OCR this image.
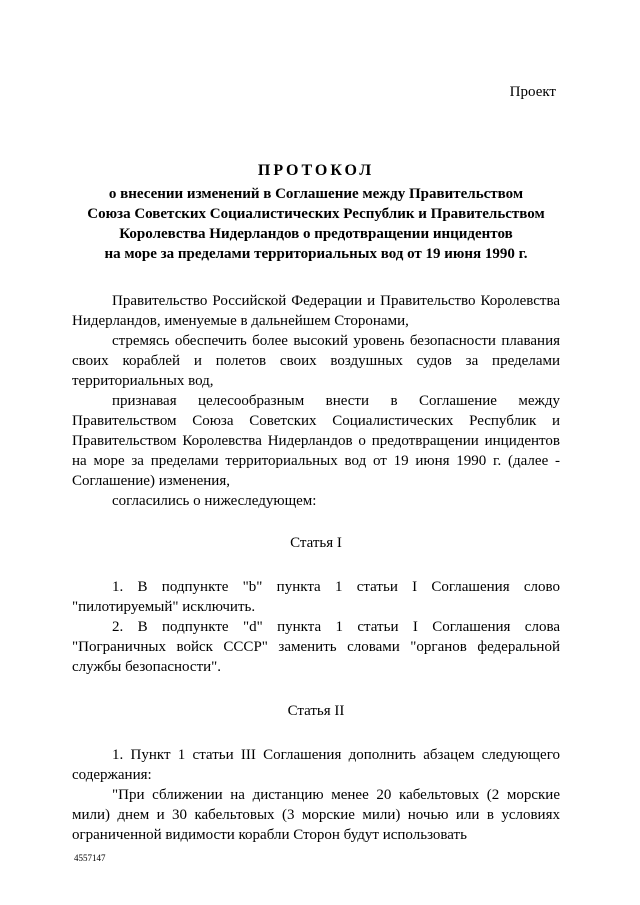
Проект
ПРОТОКОЛ
о внесении изменений в Соглашение между Правительством
Союза Советских Социалистических Республик и Правительством
Королевства Нидерландов о предотвращении инцидентов
на море за пределами территориальных вод от 19 июня 1990 г.

Правительство Российской Федерации и Правительство Королевства Нидерландов, именуемые в дальнейшем Сторонами,

стремясь обеспечить более высокий уровень безопасности плавания своих кораблей и полетов своих воздушных судов за пределами территориальных вод,

признавая целесообразным внести в Соглашение между Правительством Союза Советских Социалистических Республик и Правительством Королевства Нидерландов о предотвращении инцидентов на море за пределами территориальных вод от 19 июня 1990 г. (далее - Соглашение) изменения,

согласились о нижеследующем:

Статья I

1. В подпункте "b" пункта 1 статьи I Соглашения слово "пилотируемый" исключить.

2. В подпункте "d" пункта 1 статьи I Соглашения слова "Пограничных войск СССР" заменить словами "органов федеральной службы безопасности".

Статья II

1. Пункт 1 статьи III Соглашения дополнить абзацем следующего содержания:

"При сближении на дистанцию менее 20 кабельтовых (2 морские мили) днем и 30 кабельтовых (3 морские мили) ночью или в условиях ограниченной видимости корабли Сторон будут использовать

4557147
